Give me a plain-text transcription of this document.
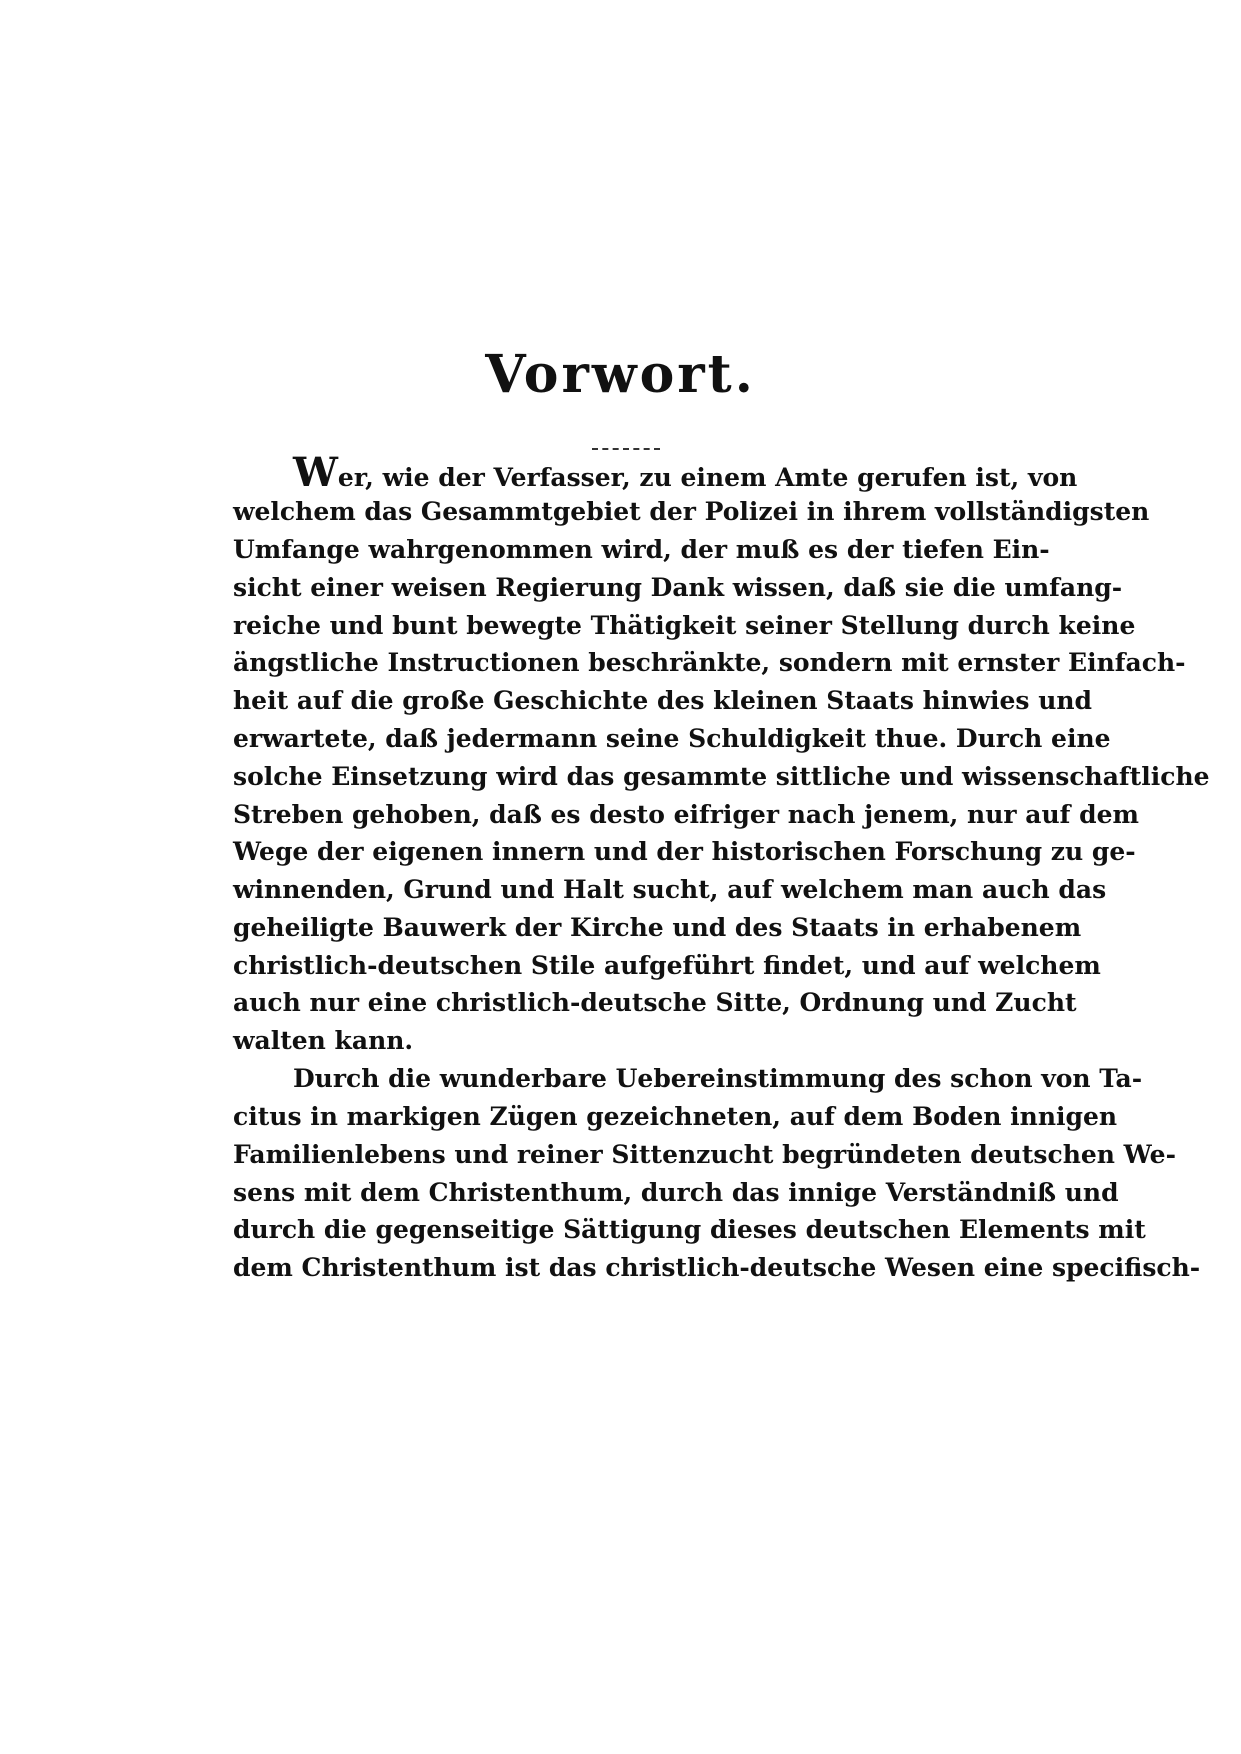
Vorwort.
Wer, wie der Verfasser, zu einem Amte gerufen ist, von
welchem das Gesammtgebiet der Polizei in ihrem vollständigsten
Umfange wahrgenommen wird, der muß es der tiefen Ein-
sicht einer weisen Regierung Dank wissen, daß sie die umfang-
reiche und bunt bewegte Thätigkeit seiner Stellung durch keine
ängstliche Instructionen beschränkte, sondern mit ernster Einfach-
heit auf die große Geschichte des kleinen Staats hinwies und
erwartete, daß jedermann seine Schuldigkeit thue. Durch eine
solche Einsetzung wird das gesammte sittliche und wissenschaftliche
Streben gehoben, daß es desto eifriger nach jenem, nur auf dem
Wege der eigenen innern und der historischen Forschung zu ge-
winnenden, Grund und Halt sucht, auf welchem man auch das
geheiligte Bauwerk der Kirche und des Staats in erhabenem
christlich-deutschen Stile aufgeführt findet, und auf welchem
auch nur eine christlich-deutsche Sitte, Ordnung und Zucht
walten kann.
Durch die wunderbare Uebereinstimmung des schon von Ta-
citus in markigen Zügen gezeichneten, auf dem Boden innigen
Familienlebens und reiner Sittenzucht begründeten deutschen We-
sens mit dem Christenthum, durch das innige Verständniß und
durch die gegenseitige Sättigung dieses deutschen Elements mit
dem Christenthum ist das christlich-deutsche Wesen eine specifisch-
